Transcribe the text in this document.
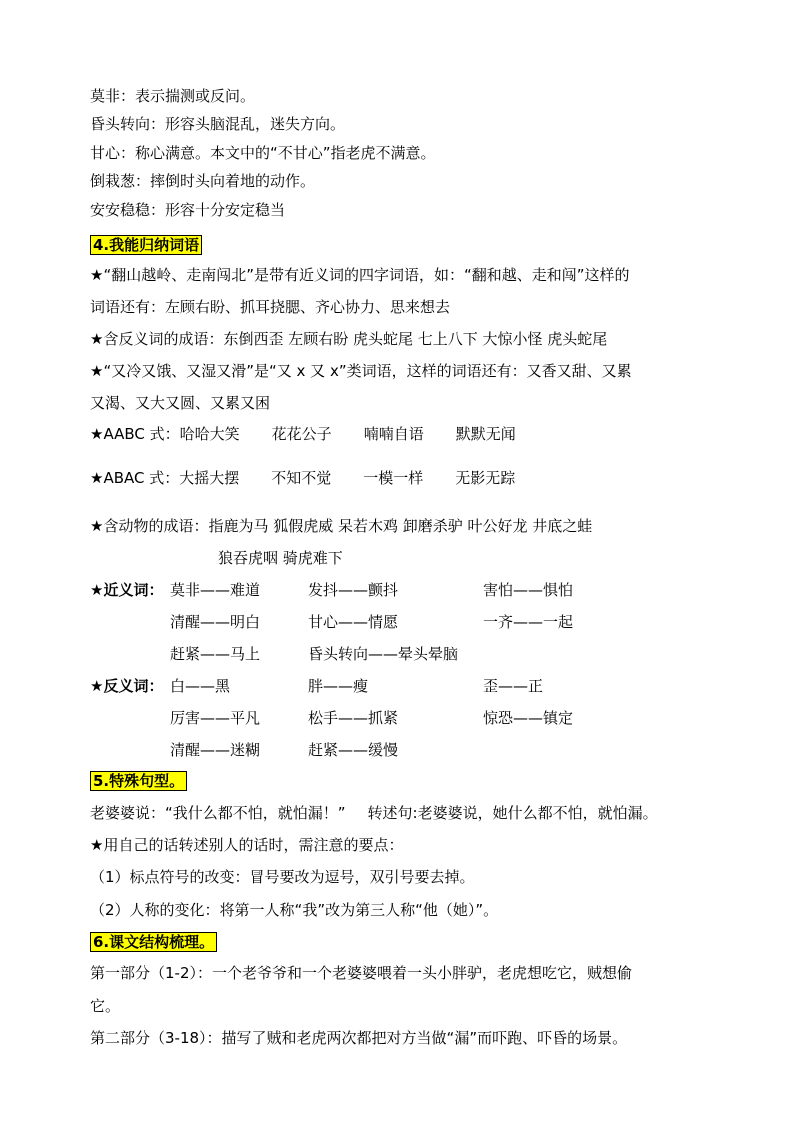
莫非：表示揣测或反问。
昏头转向：形容头脑混乱，迷失方向。
甘心：称心满意。本文中的“不甘心”指老虎不满意。
倒栽葱：摔倒时头向着地的动作。
安安稳稳：形容十分安定稳当
4.我能归纳词语
★“翻山越岭、走南闯北”是带有近义词的四字词语，如：“翻和越、走和闯”这样的
词语还有：左顾右盼、抓耳挠腮、齐心协力、思来想去
★含反义词的成语：东倒西歪 左顾右盼 虎头蛇尾 七上八下 大惊小怪 虎头蛇尾
★“又冷又饿、又湿又滑”是“又 x 又 x”类词语，这样的词语还有：又香又甜、又累
又渴、又大又圆、又累又困
★AABC 式：哈哈大笑 花花公子 喃喃自语 默默无闻
★ABAC 式：大摇大摆 不知不觉 一模一样 无影无踪
★含动物的成语：指鹿为马 狐假虎威 呆若木鸡 卸磨杀驴 叶公好龙 井底之蛙
狼吞虎咽 骑虎难下
★近义词： 莫非——难道	发抖——颤抖	害怕——惧怕
清醒——明白	甘心——情愿	一齐——一起
赶紧——马上	昏头转向——晕头晕脑
★反义词： 白——黑	胖——瘦	歪——正
厉害——平凡	松手——抓紧	惊恐——镇定
清醒——迷糊	赶紧——缓慢
5.特殊句型。
老婆婆说：“我什么都不怕，就怕漏！” 转述句:老婆婆说，她什么都不怕，就怕漏。
★用自己的话转述别人的话时，需注意的要点：
（1）标点符号的改变：冒号要改为逗号，双引号要去掉。
（2）人称的变化：将第一人称“我”改为第三人称“他（她）”。
6.课文结构梳理。
第一部分（1-2）：一个老爷爷和一个老婆婆喂着一头小胖驴，老虎想吃它，贼想偷
它。
第二部分（3-18）：描写了贼和老虎两次都把对方当做“漏”而吓跑、吓昏的场景。
